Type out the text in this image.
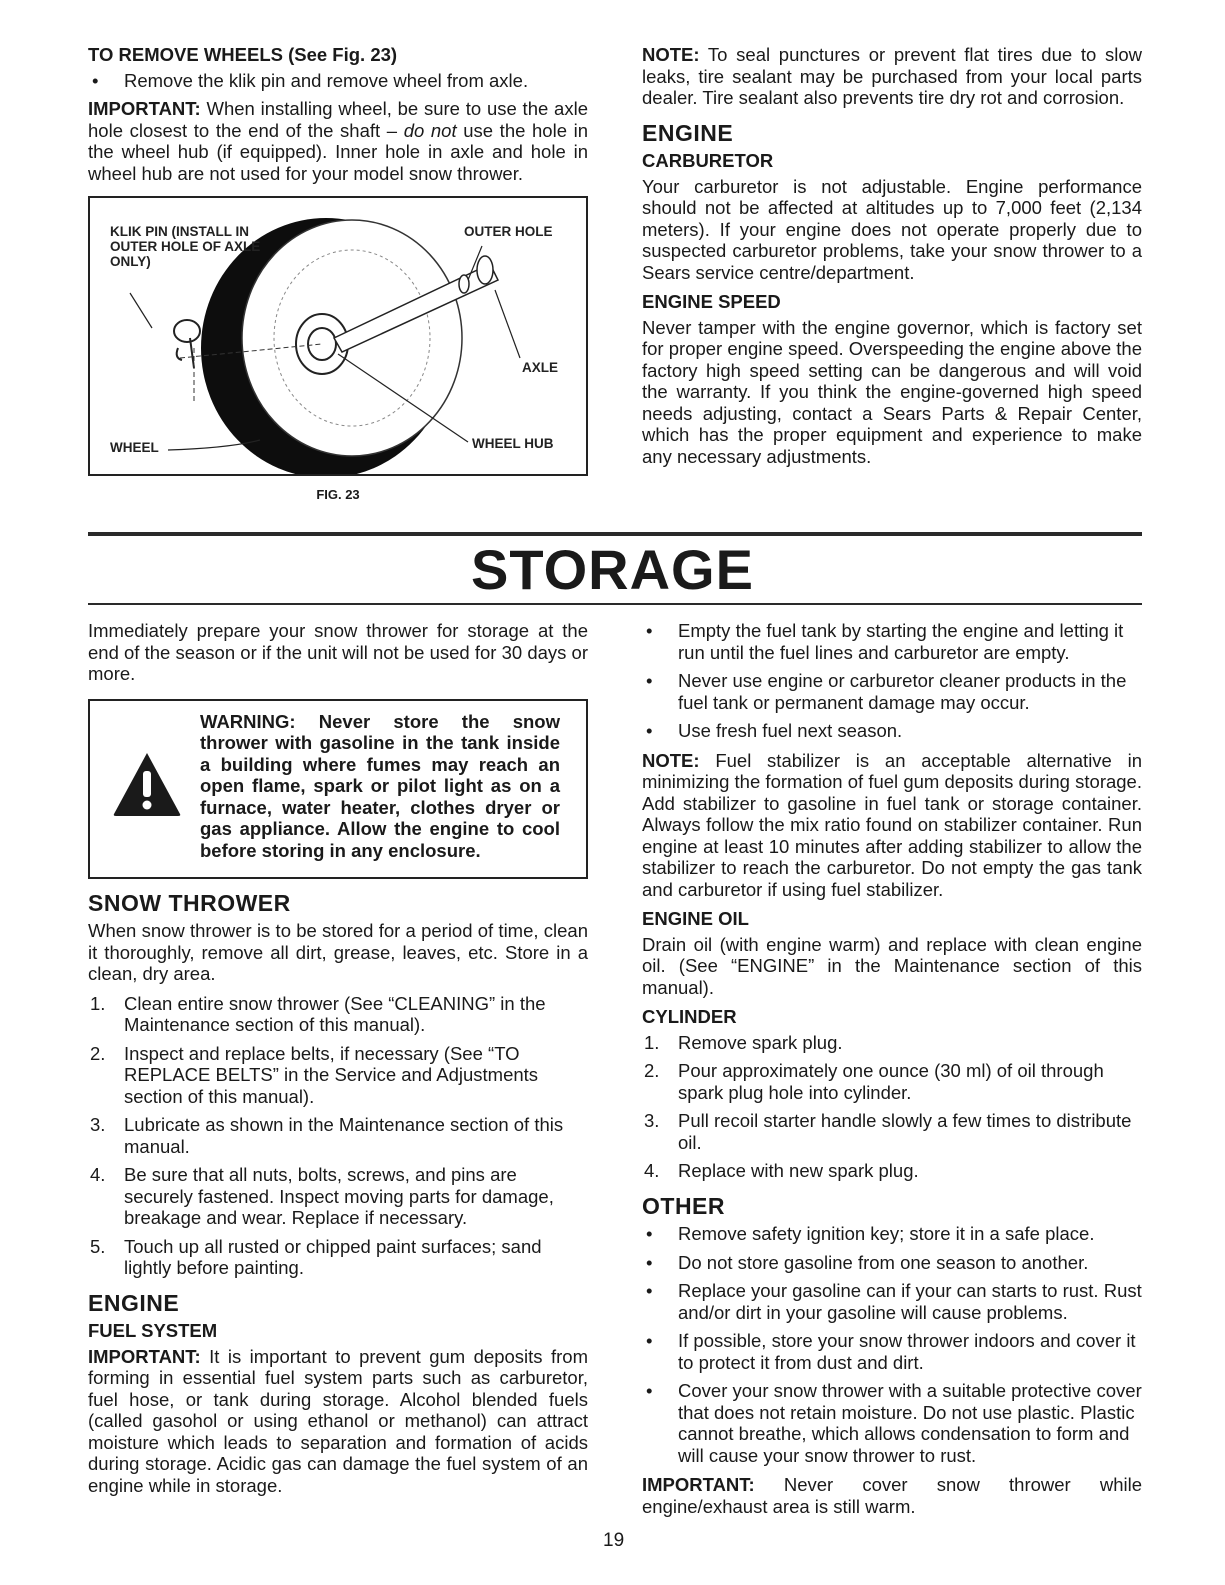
TO REMOVE WHEELS (See Fig. 23)
• Remove the klik pin and remove wheel from axle.

IMPORTANT: When installing wheel, be sure to use the axle hole closest to the end of the shaft – do not use the hole in the wheel hub (if equipped). Inner hole in axle and hole in wheel hub are not used for your model snow thrower.

KLIK PIN (INSTALL IN OUTER HOLE OF AXLE ONLY)
OUTER HOLE
AXLE
WHEEL	WHEEL HUB
FIG. 23

NOTE: To seal punctures or prevent flat tires due to slow leaks, tire sealant may be purchased from your local parts dealer. Tire sealant also prevents tire dry rot and corrosion.

ENGINE
CARBURETOR

Your carburetor is not adjustable. Engine performance should not be affected at altitudes up to 7,000 feet (2,134 meters). If your engine does not operate properly due to suspected carburetor problems, take your snow thrower to a Sears service centre/department.

ENGINE SPEED

Never tamper with the engine governor, which is factory set for proper engine speed. Overspeeding the engine above the factory high speed setting can be dangerous and will void the warranty. If you think the engine-governed high speed needs adjusting, contact a Sears Parts & Repair Center, which has the proper equipment and experience to make any necessary adjustments.

STORAGE

Immediately prepare your snow thrower for storage at the end of the season or if the unit will not be used for 30 days or more.

WARNING: Never store the snow thrower with gasoline in the tank inside a building where fumes may reach an open flame, spark or pilot light as on a furnace, water heater, clothes dryer or gas appliance. Allow the engine to cool before storing in any enclosure.
SNOW THROWER

When snow thrower is to be stored for a period of time, clean it thoroughly, remove all dirt, grease, leaves, etc. Store in a clean, dry area.

1. Clean entire snow thrower (See “CLEANING” in the Maintenance section of this manual).
2. Inspect and replace belts, if necessary (See “TO REPLACE BELTS” in the Service and Adjustments section of this manual).
3. Lubricate as shown in the Maintenance section of this manual.
4. Be sure that all nuts, bolts, screws, and pins are securely fastened. Inspect moving parts for damage, breakage and wear. Replace if necessary.
5. Touch up all rusted or chipped paint surfaces; sand lightly before painting.
ENGINE
FUEL SYSTEM

IMPORTANT: It is important to prevent gum deposits from forming in essential fuel system parts such as carburetor, fuel hose, or tank during storage. Alcohol blended fuels (called gasohol or using ethanol or methanol) can attract moisture which leads to separation and formation of acids during storage. Acidic gas can damage the fuel system of an engine while in storage.

• Empty the fuel tank by starting the engine and letting it run until the fuel lines and carburetor are empty.
• Never use engine or carburetor cleaner products in the fuel tank or permanent damage may occur.
• Use fresh fuel next season.

NOTE: Fuel stabilizer is an acceptable alternative in minimizing the formation of fuel gum deposits during storage. Add stabilizer to gasoline in fuel tank or storage container. Always follow the mix ratio found on stabilizer container. Run engine at least 10 minutes after adding stabilizer to allow the stabilizer to reach the carburetor. Do not empty the gas tank and carburetor if using fuel stabilizer.

ENGINE OIL

Drain oil (with engine warm) and replace with clean engine oil. (See “ENGINE” in the Maintenance section of this manual).

CYLINDER
1. Remove spark plug.
2. Pour approximately one ounce (30 ml) of oil through spark plug hole into cylinder.
3. Pull recoil starter handle slowly a few times to distribute oil.
4. Replace with new spark plug.
OTHER
• Remove safety ignition key; store it in a safe place.
• Do not store gasoline from one season to another.
• Replace your gasoline can if your can starts to rust. Rust and/or dirt in your gasoline will cause problems.
• If possible, store your snow thrower indoors and cover it to protect it from dust and dirt.
• Cover your snow thrower with a suitable protective cover that does not retain moisture. Do not use plastic. Plastic cannot breathe, which allows condensation to form and will cause your snow thrower to rust.

IMPORTANT: Never cover snow thrower while engine/exhaust area is still warm.

19
